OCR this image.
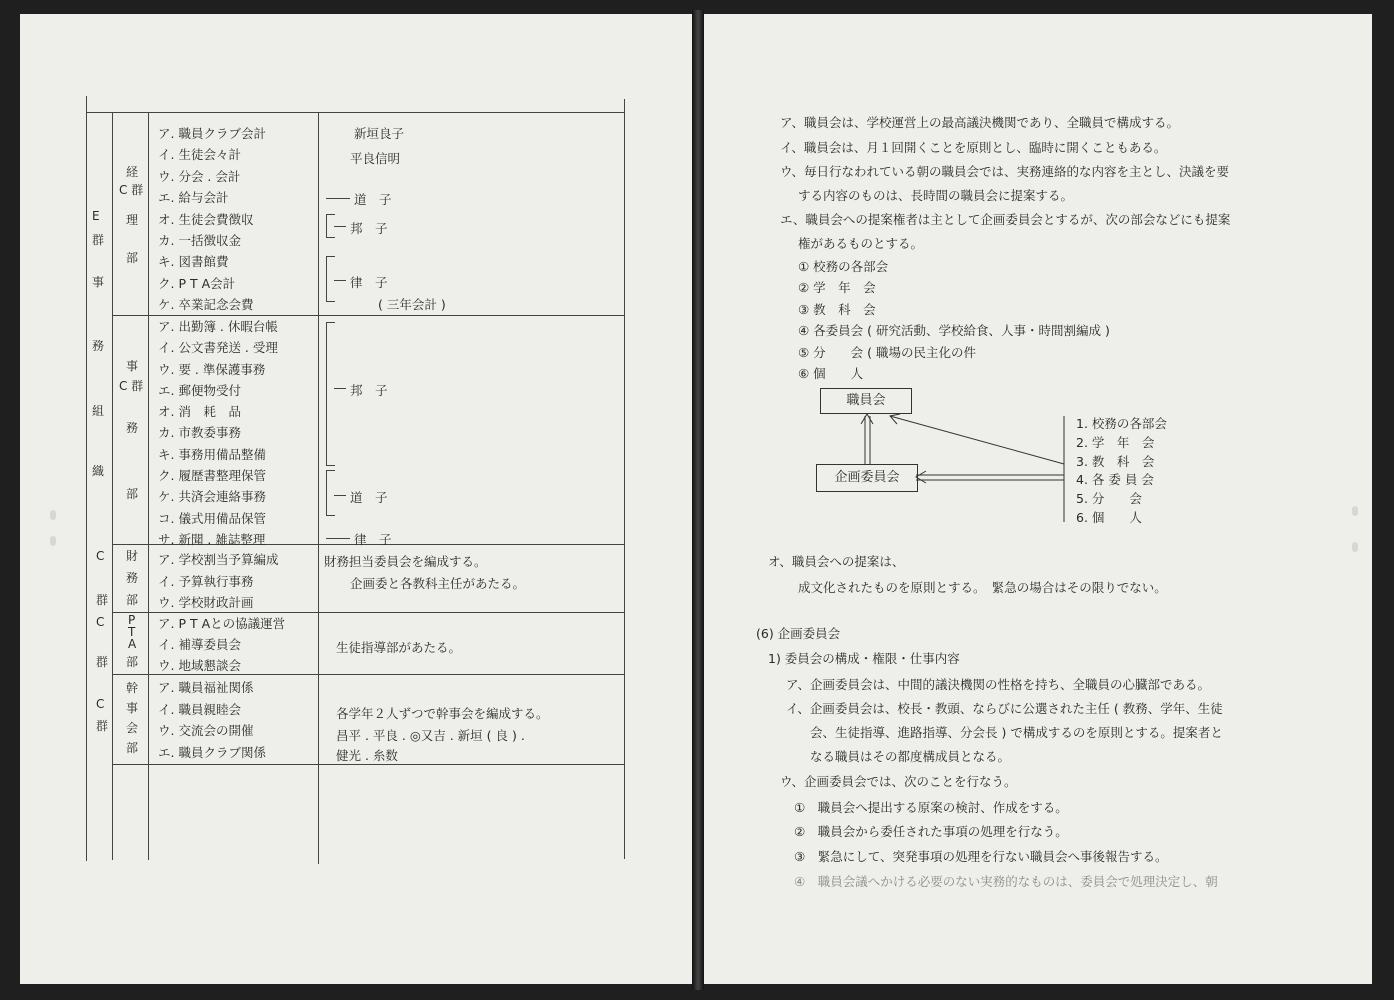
E
群
事
務
組
織
C 群
経
理
部
ア. 職員クラブ会計
イ. 生徒会々計
ウ. 分会 . 会計
エ. 給与会計
オ. 生徒会費徴収
カ. 一括徴収金
キ. 図書館費
ク. P T A会計
ケ. 卒業記念会費
新垣良子
平良信明
道　子
邦　子
律　子
( 三年会計 )
C 群
事
務
部
ア. 出勤簿 . 休暇台帳
イ. 公文書発送 . 受理
ウ. 要 . 準保護事務
エ. 郵便物受付
オ. 消　耗　品
カ. 市教委事務
キ. 事務用備品整備
ク. 履歴書整理保管
ケ. 共済会連絡事務
コ. 儀式用備品保管
サ. 新聞 . 雑誌整理
邦　子
道　子
律　子
C
群
財
務
部
ア. 学校割当予算編成
イ. 予算執行事務
ウ. 学校財政計画
財務担当委員会を編成する。
企画委と各教科主任があたる。
C
群
P
T
A
部
ア. P T Aとの協議運営
イ. 補導委員会
ウ. 地域懇談会
生徒指導部があたる。
C
群
幹
事
会
部
ア. 職員福祉関係
イ. 職員親睦会
ウ. 交流会の開催
エ. 職員クラブ関係
各学年２人ずつで幹事会を編成する。
昌平 . 平良 . ◎又吉 . 新垣 ( 良 ) .
健光 . 糸数
ア、職員会は、学校運営上の最高議決機関であり、全職員で構成する。
イ、職員会は、月１回開くことを原則とし、臨時に開くこともある。
ウ、毎日行なわれている朝の職員会では、実務連絡的な内容を主とし、決議を要
する内容のものは、長時間の職員会に提案する。
エ、職員会への提案権者は主として企画委員会とするが、次の部会などにも提案
権があるものとする。
① 校務の各部会
② 学　年　会
③ 教　科　会
④ 各委員会 ( 研究活動、学校給食、人事・時間割編成 )
⑤ 分　　会 ( 職場の民主化の件
⑥ 個　　人
職員会
企画委員会
1. 校務の各部会
2. 学　年　会
3. 教　科　会
4. 各 委 員 会
5. 分　　会
6. 個　　人
オ、職員会への提案は、
成文化されたものを原則とする。　緊急の場合はその限りでない。
(6) 企画委員会
1) 委員会の構成・権限・仕事内容
ア、企画委員会は、中間的議決機関の性格を持ち、全職員の心臓部である。
イ、企画委員会は、校長・教頭、ならびに公選された主任 ( 教務、学年、生徒
会、生徒指導、進路指導、分会長 ) で構成するのを原則とする。提案者と
なる職員はその都度構成員となる。
ウ、企画委員会では、次のことを行なう。
①　職員会へ提出する原案の検討、作成をする。
②　職員会から委任された事項の処理を行なう。
③　緊急にして、突発事項の処理を行ない職員会へ事後報告する。
④　職員会議へかける必要のない実務的なものは、委員会で処理決定し、朝
